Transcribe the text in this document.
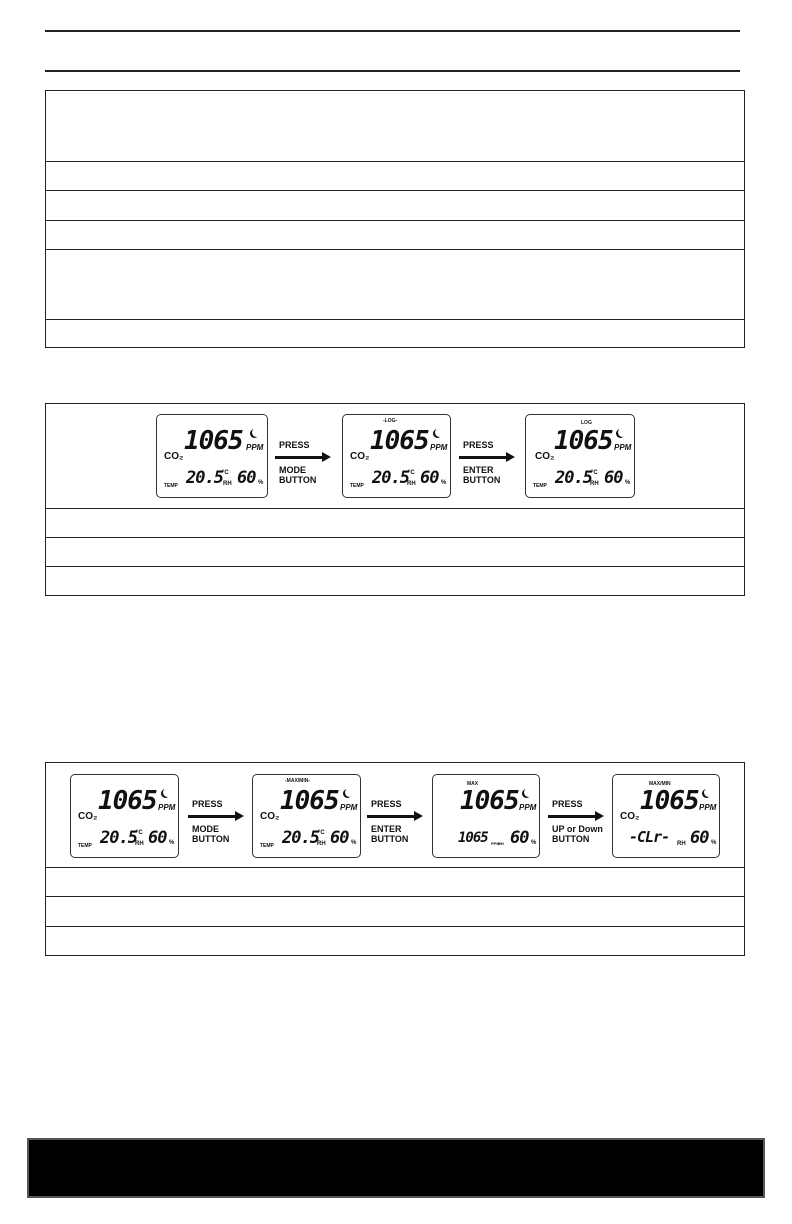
CO₂
1065 PPM
TEMP 20.5 °C
RH 60 %
PRESS
MODE
BUTTON
-LOG-
CO₂
1065 PPM
TEMP 20.5 °C
RH 60 %
PRESS
ENTER
BUTTON
LOG
CO₂
1065 PPM
TEMP 20.5 °C
RH 60 %
CO₂
1065 PPM
TEMP 20.5 °C
RH 60 %
PRESS
MODE
BUTTON
-MAX/MIN-
CO₂
1065 PPM
TEMP 20.5 °C
RH 60 %
PRESS
ENTER
BUTTON
MAX
1065 PPM
1065 PPM
RH 60 %
PRESS
UP or Down
BUTTON
MAX/MIN
CO₂
1065 PPM
-CLr- RH 60 %
